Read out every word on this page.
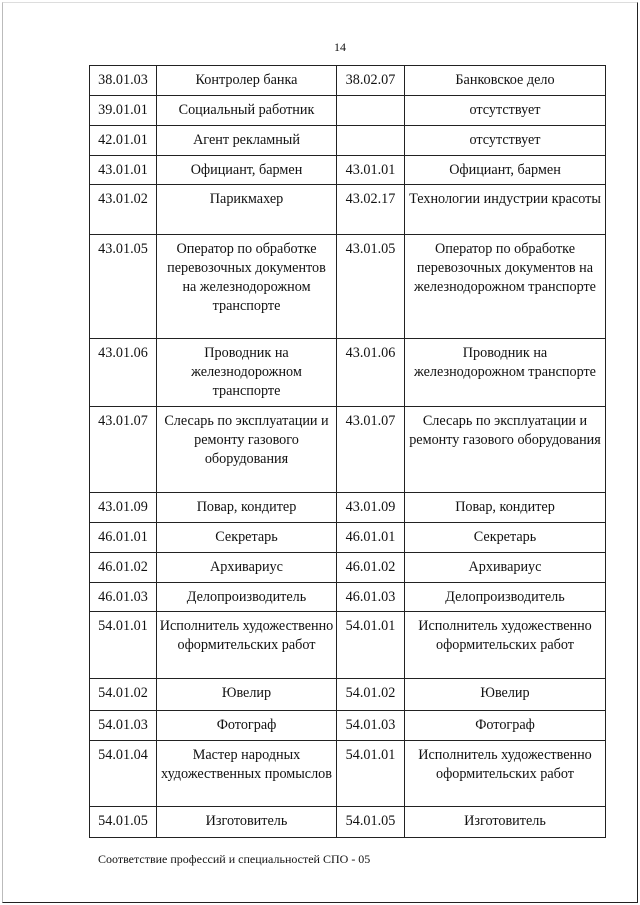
14
38.01.03	Контролер банка	38.02.07	Банковское дело
39.01.01	Социальный работник		отсутствует
42.01.01	Агент рекламный		отсутствует
43.01.01	Официант, бармен	43.01.01	Официант, бармен
43.01.02	Парикмахер	43.02.17	Технологии индустрии красоты
43.01.05	Оператор по обработке перевозочных документов на железнодорожном транспорте	43.01.05	Оператор по обработке перевозочных документов на железнодорожном транспорте
43.01.06	Проводник на железнодорожном транспорте	43.01.06	Проводник на железнодорожном транспорте
43.01.07	Слесарь по эксплуатации и ремонту газового оборудования	43.01.07	Слесарь по эксплуатации и ремонту газового оборудования
43.01.09	Повар, кондитер	43.01.09	Повар, кондитер
46.01.01	Секретарь	46.01.01	Секретарь
46.01.02	Архивариус	46.01.02	Архивариус
46.01.03	Делопроизводитель	46.01.03	Делопроизводитель
54.01.01	Исполнитель художественно оформительских работ	54.01.01	Исполнитель художественно оформительских работ
54.01.02	Ювелир	54.01.02	Ювелир
54.01.03	Фотограф	54.01.03	Фотограф
54.01.04	Мастер народных художественных промыслов	54.01.01	Исполнитель художественно оформительских работ
54.01.05	Изготовитель	54.01.05	Изготовитель
Соответствие профессий и специальностей СПО - 05
